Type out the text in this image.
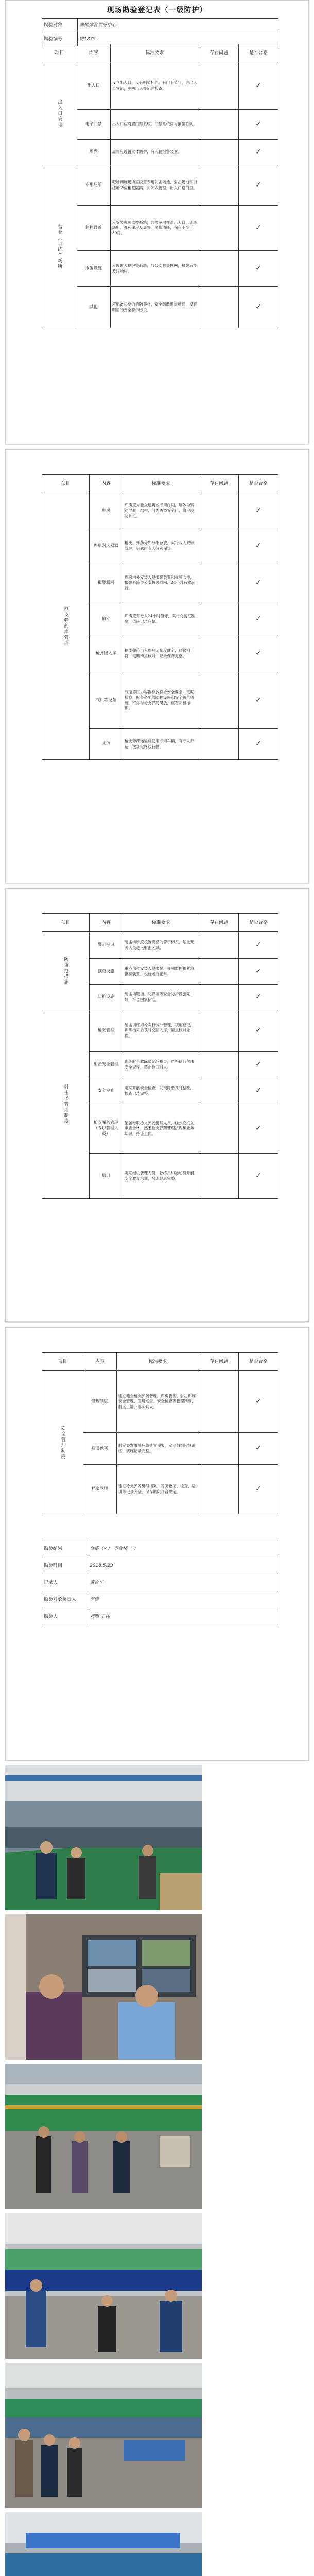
现场勘验登记表（一级防护）
勘验对象	襄樊体育训练中心
勘验编号	尉1875
项目	内容	标准要求	存在问题	是否合格
出入口管理	出入口	设立出入口，设有明显标志，有门卫值守，进出人员登记，车辆出入登记并检查。		✓
	电子门禁	出入口应设置门禁系统，门禁系统应与报警联动。		✓
	周界	周界应设置实体防护，有入侵报警装置。		✓
营业（训练）场所	专用场所	靶场训练场所应设置专用射击场地，射击场地和训练场所应相互隔离，封闭式管理，出入口设门卫。		✓
	监控设备	应安装视频监控系统，监控范围覆盖出入口、训练场所、弹药库房及周界，图像清晰，保存不少于30日。		✓
	报警设施	应设置入侵报警系统，与公安机关联网，报警后能及时响应。		✓
	其他	应配备必要的消防器材，安全疏散通道畅通，设有明显的安全警示标识。		✓
项目	内容	标准要求	存在问题	是否合格
枪支弹药库管理	库房	库房应为独立建筑或专用房间，墙体为钢筋混凝土结构，门为防盗安全门，窗户设防护栏。		✓
	库房双人双锁	枪支、弹药分库分柜存放，实行双人双锁管理，钥匙由专人分别保管。		✓
	报警联网	库房内外安装入侵报警装置和视频监控，报警系统与公安机关联网，24小时有效运行。		✓
	值守	库房应有专人24小时值守，实行交接班制度，值班记录完整。		✓
	枪弹出入库	枪支弹药出入库登记制度健全，账物相符，定期清点核对，记录保存完整。		✓
	气瓶等设备	气瓶等压力容器存放符合安全要求，定期检验，配备必要的防护设施和安全防范措施，不得与枪支弹药混放，应有明显标识。		✓
	其他	枪支弹药运输应使用专用车辆，有专人押运，按规定路线行驶。		✓
项目	内容	标准要求	存在问题	是否合格
防盗抢措施	警示标识	射击场所应设置明显的警示标识，禁止无关人员进入射击区域。		✓
	技防设施	重点部位安装入侵报警、视频监控和紧急报警装置，设施运行正常。		✓
	防护设施	射击场靶挡、防弹墙等安全防护设施完好，符合国家标准。		✓
射击场管理制度	枪支管理	射击训练用枪实行统一管理，领用登记，训练结束后及时交回入库，清点核对无误。		✓
	射击安全管理	训练时有教练员现场指导，严格执行射击安全规程，禁止枪口对人。		✓
	安全检查	定期开展安全检查，发现隐患及时整改，检查记录完整。		✓
	枪支弹药管理（专职管理人员）	配备专职枪支弹药管理人员，经公安机关审查合格，熟悉枪支弹药管理法规和业务知识，持证上岗。		✓
	培训	定期组织管理人员、教练员和运动员开展安全教育培训，培训记录完整。		✓
项目	内容	标准要求	存在问题	是否合格
安全管理制度	管理制度	建立健全枪支弹药管理、库房管理、射击训练安全管理、值班巡查、安全检查等管理制度，制度上墙，落实到人。		✓
	应急预案	制定突发事件应急处置预案，定期组织应急演练，演练记录完整。		✓
	档案管理	建立枪支弹药管理档案，各类登记、检查、培训等记录齐全，保存期限符合规定。		✓
勘验结果	合格（✓） 不合格（ ）
勘验时间	2018.5.23
记录人	黄吉华
勘验对象负责人	李建
勘验人	刘明 王林
